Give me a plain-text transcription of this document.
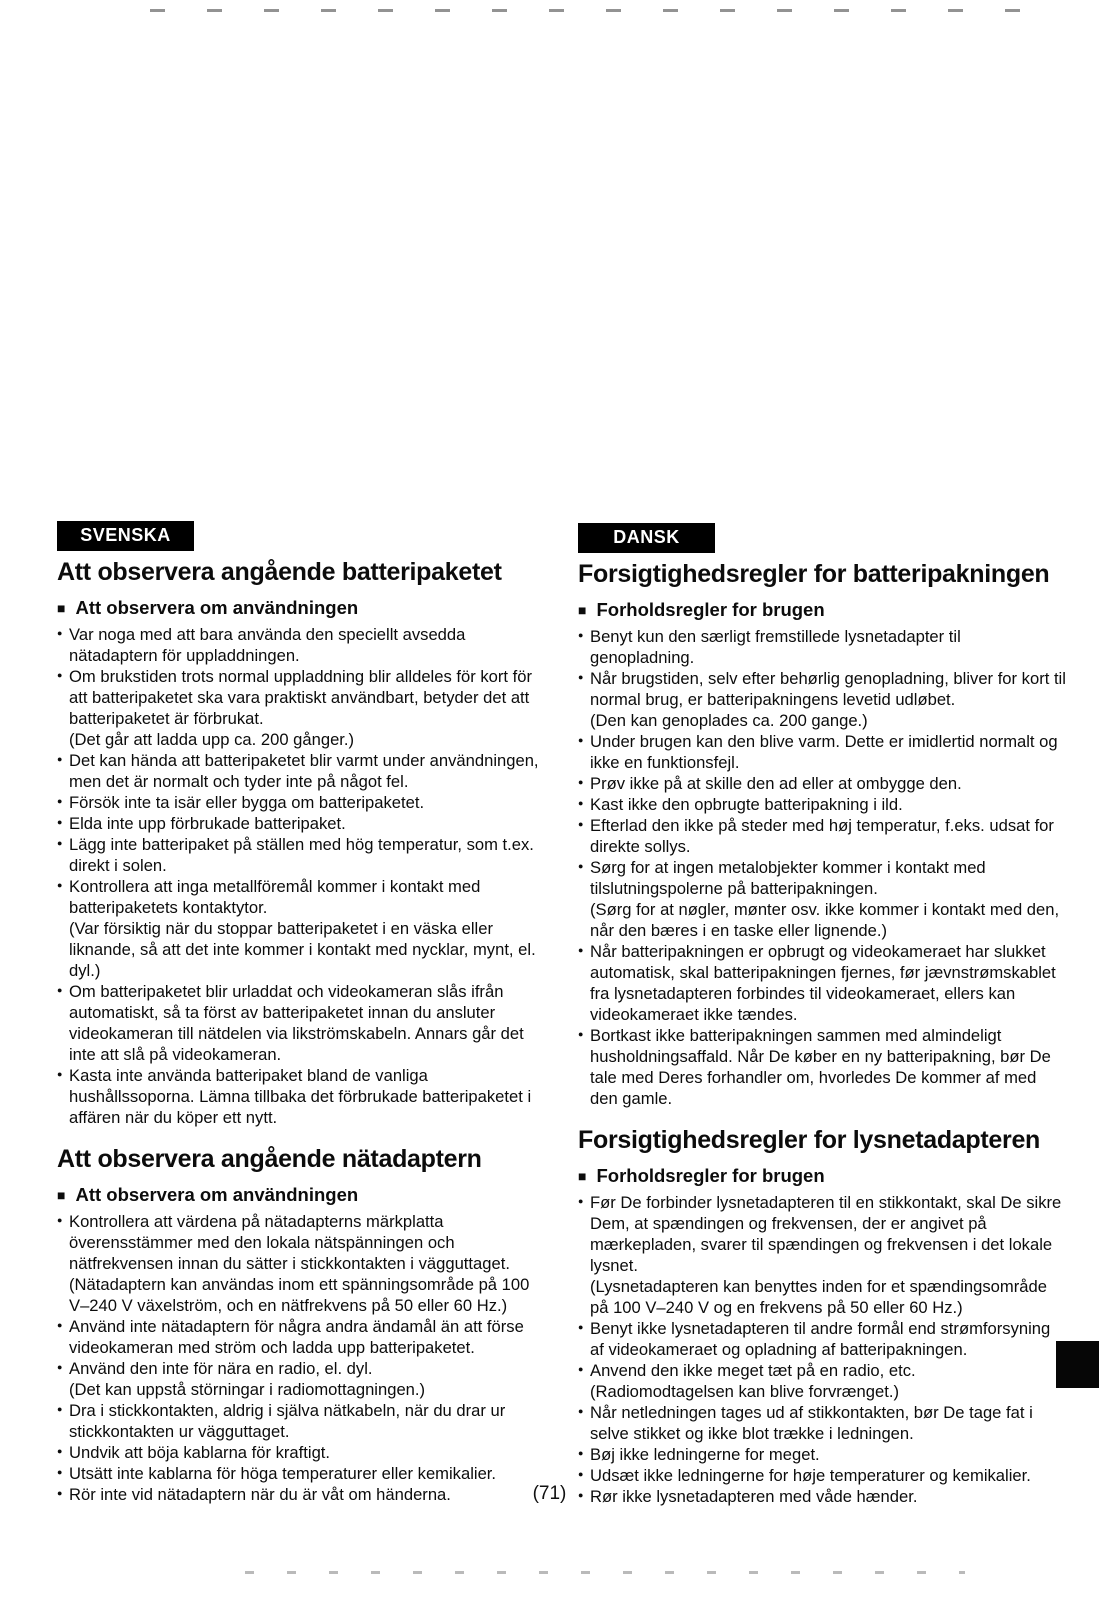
SVENSKA
Att observera angående batteripaketet
■ Att observera om användningen
● Var noga med att bara använda den speciellt avsedda nätadaptern för uppladdningen.

● Om brukstiden trots normal uppladdning blir alldeles för kort för att batteripaketet ska vara praktiskt användbart, betyder det att batteripaketet är förbrukat.

(Det går att ladda upp ca. 200 gånger.)

● Det kan hända att batteripaketet blir varmt under användningen, men det är normalt och tyder inte på något fel.

● Försök inte ta isär eller bygga om batteripaketet.

● Elda inte upp förbrukade batteripaket.

● Lägg inte batteripaket på ställen med hög temperatur, som t.ex. direkt i solen.

● Kontrollera att inga metallföremål kommer i kontakt med batteripaketets kontaktytor.

(Var försiktig när du stoppar batteripaketet i en väska eller liknande, så att det inte kommer i kontakt med nycklar, mynt, el. dyl.)

● Om batteripaketet blir urladdat och videokameran slås ifrån automatiskt, så ta först av batteripaketet innan du ansluter videokameran till nätdelen via likströmskabeln. Annars går det inte att slå på videokameran.

● Kasta inte använda batteripaket bland de vanliga hushållssoporna. Lämna tillbaka det förbrukade batteripaketet i affären när du köper ett nytt.

Att observera angående nätadaptern
■ Att observera om användningen
● Kontrollera att värdena på nätadapterns märkplatta överensstämmer med den lokala nätspänningen och nätfrekvensen innan du sätter i stickkontakten i vägguttaget.

(Nätadaptern kan användas inom ett spänningsområde på 100 V–240 V växelström, och en nätfrekvens på 50 eller 60 Hz.)

● Använd inte nätadaptern för några andra ändamål än att förse videokameran med ström och ladda upp batteripaketet.

● Använd den inte för nära en radio, el. dyl.

(Det kan uppstå störningar i radiomottagningen.)

● Dra i stickkontakten, aldrig i själva nätkabeln, när du drar ur stickkontakten ur vägguttaget.

● Undvik att böja kablarna för kraftigt.

● Utsätt inte kablarna för höga temperaturer eller kemikalier.

● Rör inte vid nätadaptern när du är våt om händerna.

DANSK
Forsigtighedsregler for batteripakningen
■ Forholdsregler for brugen
● Benyt kun den særligt fremstillede lysnetadapter til genopladning.

● Når brugstiden, selv efter behørlig genopladning, bliver for kort til normal brug, er batteripakningens levetid udløbet.

(Den kan genoplades ca. 200 gange.)

● Under brugen kan den blive varm. Dette er imidlertid normalt og ikke en funktionsfejl.

● Prøv ikke på at skille den ad eller at ombygge den.

● Kast ikke den opbrugte batteripakning i ild.

● Efterlad den ikke på steder med høj temperatur, f.eks. udsat for direkte sollys.

● Sørg for at ingen metalobjekter kommer i kontakt med tilslutningspolerne på batteripakningen.

(Sørg for at nøgler, mønter osv. ikke kommer i kontakt med den, når den bæres i en taske eller lignende.)

● Når batteripakningen er opbrugt og videokameraet har slukket automatisk, skal batteripakningen fjernes, før jævnstrømskablet fra lysnetadapteren forbindes til videokameraet, ellers kan videokameraet ikke tændes.

● Bortkast ikke batteripakningen sammen med almindeligt husholdningsaffald. Når De køber en ny batteripakning, bør De tale med Deres forhandler om, hvorledes De kommer af med den gamle.

Forsigtighedsregler for lysnetadapteren
■ Forholdsregler for brugen
● Før De forbinder lysnetadapteren til en stikkontakt, skal De sikre Dem, at spændingen og frekvensen, der er angivet på mærkepladen, svarer til spændingen og frekvensen i det lokale lysnet.

(Lysnetadapteren kan benyttes inden for et spændingsområde på 100 V–240 V og en frekvens på 50 eller 60 Hz.)

● Benyt ikke lysnetadapteren til andre formål end strømforsyning af videokameraet og opladning af batteripakningen.

● Anvend den ikke meget tæt på en radio, etc.

(Radiomodtagelsen kan blive forvrænget.)

● Når netledningen tages ud af stikkontakten, bør De tage fat i selve stikket og ikke blot trække i ledningen.

● Bøj ikke ledningerne for meget.

● Udsæt ikke ledningerne for høje temperaturer og kemikalier.

● Rør ikke lysnetadapteren med våde hænder.

(71)
